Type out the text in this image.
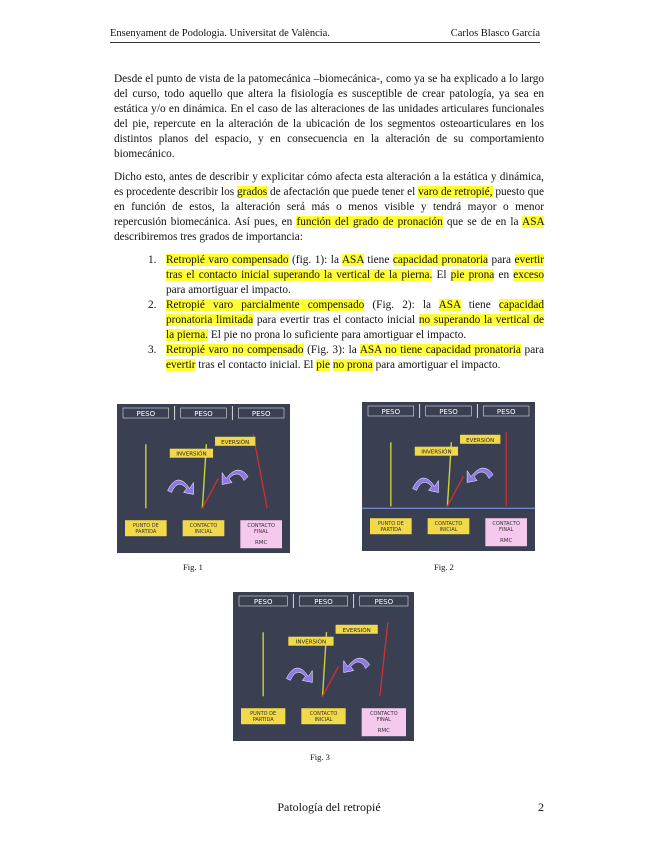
Ensenyament de Podologia. Universitat de València.	Carlos Blasco García
Desde el punto de vista de la patomecánica –biomecánica-, como ya se ha explicado a lo largo del curso, todo aquello que altera la fisiología es susceptible de crear patología, ya sea en estática y/o en dinámica. En el caso de las alteraciones de las unidades articulares funcionales del pie, repercute en la alteración de la ubicación de los segmentos osteoarticulares en los distintos planos del espacio, y en consecuencia en la alteración de su comportamiento biomecánico.
Dicho esto, antes de describir y explicitar cómo afecta esta alteración a la estática y dinámica, es procedente describir los grados de afectación que puede tener el varo de retropié, puesto que en función de estos, la alteración será más o menos visible y tendrá mayor o menor repercusión biomecánica. Así pues, en función del grado de pronación que se de en la ASA describiremos tres grados de importancia:
1. Retropié varo compensado (fig. 1): la ASA tiene capacidad pronatoria para evertir tras el contacto inicial superando la vertical de la pierna. El pie prona en exceso para amortiguar el impacto.
2. Retropié varo parcialmente compensado (Fig. 2): la ASA tiene capacidad pronatoria limitada para evertir tras el contacto inicial no superando la vertical de la pierna. El pie no prona lo suficiente para amortiguar el impacto.
3. Retropié varo no compensado (Fig. 3): la ASA no tiene capacidad pronatoria para evertir tras el contacto inicial. El pie no prona para amortiguar el impacto.
PESO	PESO	PESO
INVERSIÓN
EVERSIÓN
PUNTO DE
PARTIDA
CONTACTO
INICIAL
CONTACTO
FINAL
RMC
Fig. 1
PESO	PESO	PESO
INVERSIÓN
EVERSIÓN
PUNTO DE
PARTIDA
CONTACTO
INICIAL
CONTACTO
FINAL
RMC
Fig. 2
PESO	PESO	PESO
INVERSIÓN
EVERSIÓN
PUNTO DE
PARTIDA
CONTACTO
INICIAL
CONTACTO
FINAL
RMC
Fig. 3
Patología del retropié	2
